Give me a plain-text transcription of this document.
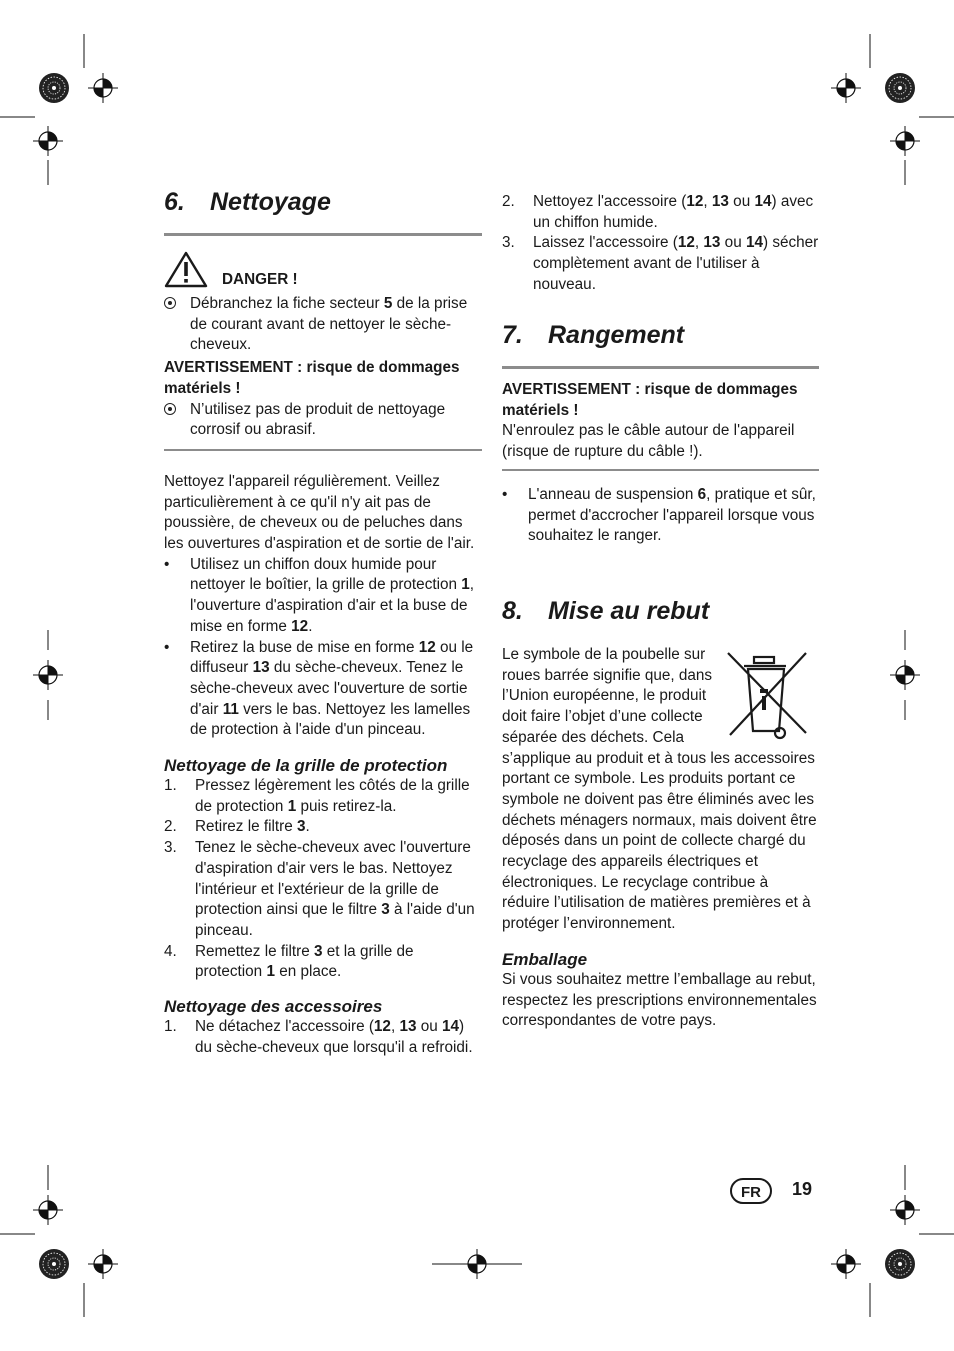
6. Nettoyage
DANGER !
Débranchez la fiche secteur 5 de la prise de courant avant de nettoyer le sèche-cheveux.

AVERTISSEMENT : risque de dommages matériels !

N’utilisez pas de produit de nettoyage corrosif ou abrasif.

Nettoyez l'appareil régulièrement. Veillez particulièrement à ce qu'il n'y ait pas de poussière, de cheveux ou de peluches dans les ouvertures d'aspiration et de sortie de l'air.

• Utilisez un chiffon doux humide pour nettoyer le boîtier, la grille de protection 1, l'ouverture d'aspiration d'air et la buse de mise en forme 12.
• Retirez la buse de mise en forme 12 ou le diffuseur 13 du sèche-cheveux. Tenez le sèche-cheveux avec l'ouverture de sortie d'air 11 vers le bas. Nettoyez les lamelles de protection à l'aide d'un pinceau.

Nettoyage de la grille de protection

1. Pressez légèrement les côtés de la grille de protection 1 puis retirez-la.
2. Retirez le filtre 3.
3. Tenez le sèche-cheveux avec l'ouverture d'aspiration d'air vers le bas. Nettoyez l'intérieur et l'extérieur de la grille de protection ainsi que le filtre 3 à l'aide d'un pinceau.
4. Remettez le filtre 3 et la grille de protection 1 en place.

Nettoyage des accessoires

1. Ne détachez l'accessoire (12, 13 ou 14) du sèche-cheveux que lorsqu'il a refroidi.
2. Nettoyez l'accessoire (12, 13 ou 14) avec un chiffon humide.
3. Laissez l'accessoire (12, 13 ou 14) sécher complètement avant de l'utiliser à nouveau.
7. Rangement

AVERTISSEMENT : risque de dommages matériels !

N'enroulez pas le câble autour de l'appareil (risque de rupture du câble !).

• L'anneau de suspension 6, pratique et sûr, permet d'accrocher l'appareil lorsque vous souhaitez le ranger.
8. Mise au rebut

Le symbole de la poubelle sur roues barrée signifie que, dans l’Union européenne, le produit doit faire l’objet d’une collecte séparée des déchets. Cela s’applique au produit et à tous les accessoires portant ce symbole. Les produits portant ce symbole ne doivent pas être éliminés avec les déchets ménagers normaux, mais doivent être déposés dans un point de collecte chargé du recyclage des appareils électriques et électroniques. Le recyclage contribue à réduire l’utilisation de matières premières et à protéger l’environnement.

Emballage

Si vous souhaitez mettre l’emballage au rebut, respectez les prescriptions environnementales correspondantes de votre pays.

FR	19
